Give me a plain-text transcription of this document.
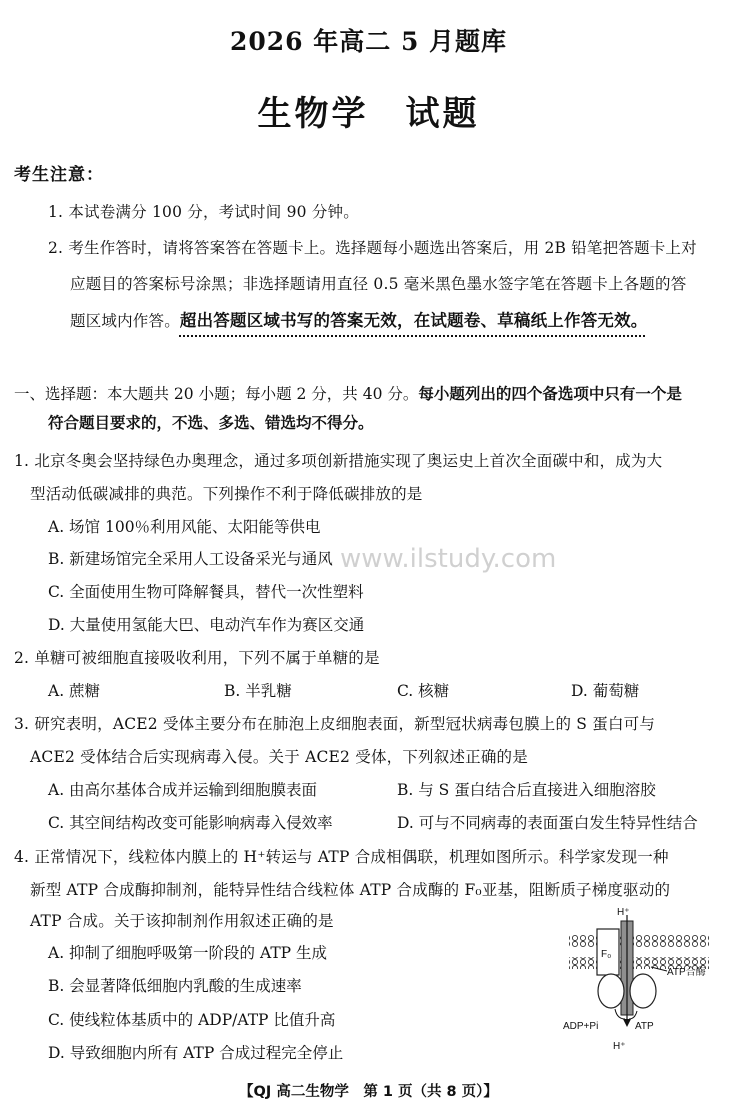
2026 年高二 5 月题库
生物学　试题
考生注意：
1. 本试卷满分 100 分，考试时间 90 分钟。
2. 考生作答时，请将答案答在答题卡上。选择题每小题选出答案后，用 2B 铅笔把答题卡上对
应题目的答案标号涂黑；非选择题请用直径 0.5 毫米黑色墨水签字笔在答题卡上各题的答
题区域内作答。超出答题区域书写的答案无效，在试题卷、草稿纸上作答无效。
一、选择题：本大题共 20 小题；每小题 2 分，共 40 分。每小题列出的四个备选项中只有一个是
符合题目要求的，不选、多选、错选均不得分。
1. 北京冬奥会坚持绿色办奥理念，通过多项创新措施实现了奥运史上首次全面碳中和，成为大
型活动低碳减排的典范。下列操作不利于降低碳排放的是
A. 场馆 100％利用风能、太阳能等供电
B. 新建场馆完全采用人工设备采光与通风
C. 全面使用生物可降解餐具，替代一次性塑料
D. 大量使用氢能大巴、电动汽车作为赛区交通
www.ilstudy.com
2. 单糖可被细胞直接吸收利用，下列不属于单糖的是
A. 蔗糖	B. 半乳糖	C. 核糖	D. 葡萄糖
3. 研究表明，ACE2 受体主要分布在肺泡上皮细胞表面，新型冠状病毒包膜上的 S 蛋白可与
ACE2 受体结合后实现病毒入侵。关于 ACE2 受体，下列叙述正确的是
A. 由高尔基体合成并运输到细胞膜表面	B. 与 S 蛋白结合后直接进入细胞溶胶
C. 其空间结构改变可能影响病毒入侵效率	D. 可与不同病毒的表面蛋白发生特异性结合
4. 正常情况下，线粒体内膜上的 H⁺转运与 ATP 合成相偶联，机理如图所示。科学家发现一种
新型 ATP 合成酶抑制剂，能特异性结合线粒体 ATP 合成酶的 F₀亚基，阻断质子梯度驱动的
ATP 合成。关于该抑制剂作用叙述正确的是
A. 抑制了细胞呼吸第一阶段的 ATP 生成
B. 会显著降低细胞内乳酸的生成速率
C. 使线粒体基质中的 ADP/ATP 比值升高
D. 导致细胞内所有 ATP 合成过程完全停止
F₀
H⁺
ATP合酶
ADP+Pi	ATP
H⁺
【QJ 高二生物学　第 1 页（共 8 页）】
